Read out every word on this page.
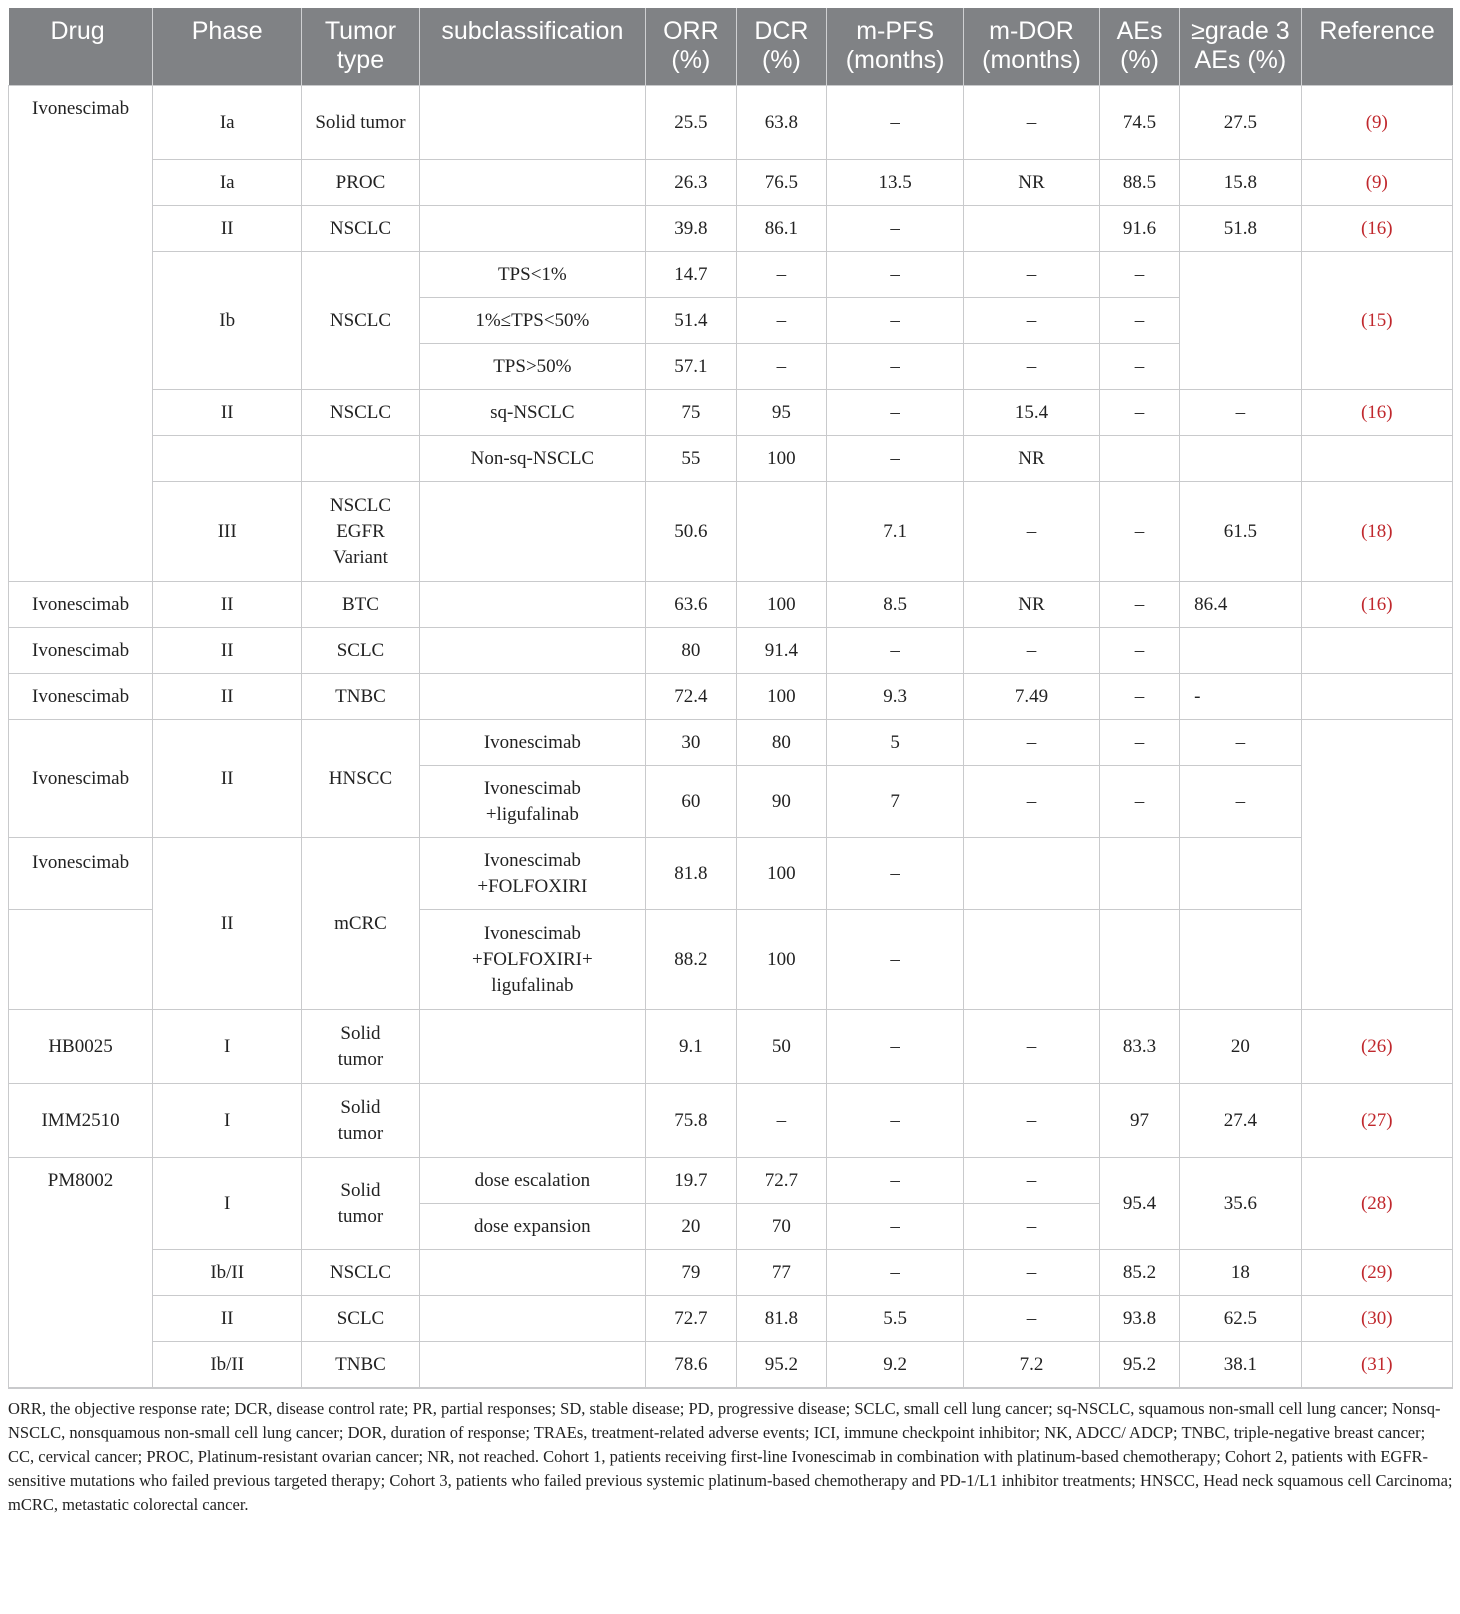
Drug	Phase	Tumor type	subclassification	ORR (%)	DCR (%)	m-PFS (months)	m-DOR (months)	AEs (%)	≥grade 3 AEs (%)	Reference
Ivonescimab	Ia	Solid tumor		25.5	63.8	–	–	74.5	27.5	(9)
	Ia	PROC		26.3	76.5	13.5	NR	88.5	15.8	(9)
	II	NSCLC		39.8	86.1	–		91.6	51.8	(16)
	Ib	NSCLC	TPS<1%	14.7	–	–	–	–		(15)
			1%≤TPS<50%	51.4	–	–	–	–		
			TPS>50%	57.1	–	–	–	–		
	II	NSCLC	sq-NSCLC	75	95	–	15.4	–	–	(16)
			Non-sq-NSCLC	55	100	–	NR			
	III	NSCLC EGFR Variant		50.6		7.1	–	–	61.5	(18)
Ivonescimab	II	BTC		63.6	100	8.5	NR	–	86.4	(16)
Ivonescimab	II	SCLC		80	91.4	–	–	–		
Ivonescimab	II	TNBC		72.4	100	9.3	7.49	–	-	
Ivonescimab	II	HNSCC	Ivonescimab	30	80	5	–	–	–	
			Ivonescimab +ligufalinab	60	90	7	–	–	–	
Ivonescimab	II	mCRC	Ivonescimab +FOLFOXIRI	81.8	100	–				
			Ivonescimab +FOLFOXIRI+ ligufalinab	88.2	100	–				
HB0025	I	Solid tumor		9.1	50	–	–	83.3	20	(26)
IMM2510	I	Solid tumor		75.8	–	–	–	97	27.4	(27)
PM8002	I	Solid tumor	dose escalation	19.7	72.7	–	–	95.4	35.6	(28)
			dose expansion	20	70	–	–			
	Ib/II	NSCLC		79	77	–	–	85.2	18	(29)
	II	SCLC		72.7	81.8	5.5	–	93.8	62.5	(30)
	Ib/II	TNBC		78.6	95.2	9.2	7.2	95.2	38.1	(31)
ORR, the objective response rate; DCR, disease control rate; PR, partial responses; SD, stable disease; PD, progressive disease; SCLC, small cell lung cancer; sq-NSCLC, squamous non-small cell lung cancer; Nonsq-NSCLC, nonsquamous non-small cell lung cancer; DOR, duration of response; TRAEs, treatment-related adverse events; ICI, immune checkpoint inhibitor; NK, ADCC/ ADCP; TNBC, triple-negative breast cancer; CC, cervical cancer; PROC, Platinum-resistant ovarian cancer; NR, not reached. Cohort 1, patients receiving first-line Ivonescimab in combination with platinum-based chemotherapy; Cohort 2, patients with EGFR-sensitive mutations who failed previous targeted therapy; Cohort 3, patients who failed previous systemic platinum-based chemotherapy and PD-1/L1 inhibitor treatments; HNSCC, Head neck squamous cell Carcinoma; mCRC, metastatic colorectal cancer.
